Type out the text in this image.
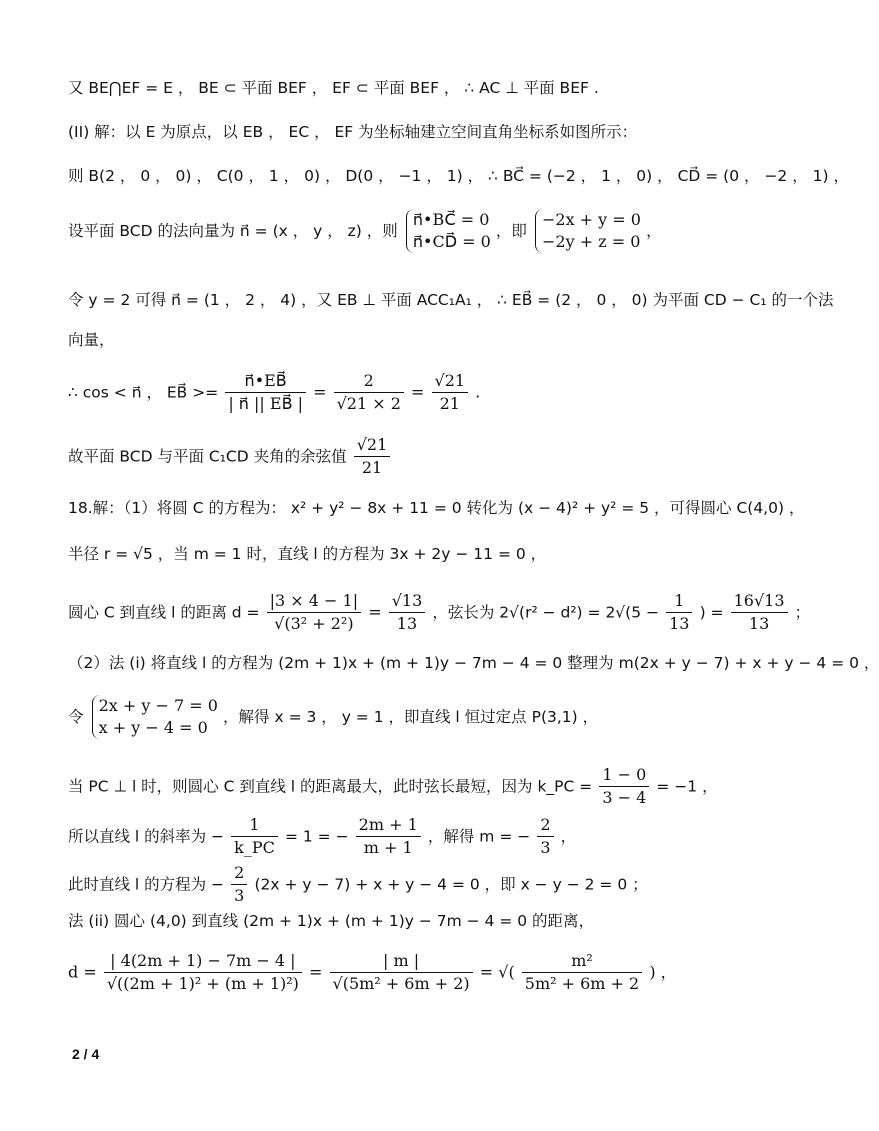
又 BE⋂EF = E ， BE ⊂ 平面 BEF ， EF ⊂ 平面 BEF ， ∴ AC ⊥ 平面 BEF .
(II) 解：以 E 为原点，以 EB ， EC ， EF 为坐标轴建立空间直角坐标系如图所示：
则 B(2 ， 0 ， 0) ， C(0 ， 1 ， 0) ， D(0 ， −1 ， 1) ， ∴ BC⃗ = (−2 ， 1 ， 0) ， CD⃗ = (0 ， −2 ， 1) ，
设平面 BCD 的法向量为 n⃗ = (x ， y ， z) ，则
n⃗•BC⃗ = 0
n⃗•CD⃗ = 0
，即
−2x + y = 0
−2y + z = 0
，
令 y = 2 可得 n⃗ = (1 ， 2 ， 4) ，又 EB ⊥ 平面 ACC₁A₁ ， ∴ EB⃗ = (2 ， 0 ， 0) 为平面 CD − C₁ 的一个法
向量，
∴ cos < n⃗ ， EB⃗ >= $\frac{n⃗•EB⃗}{| n⃗ || EB⃗ |} = \frac{2}{√21 \times 2} = \frac{√21}{21}$ .
故平面 BCD 与平面 C₁CD 夹角的余弦值 $\frac{√21}{21}$
18.解：（1）将圆 C 的方程为： x² + y² − 8x + 11 = 0 转化为 (x − 4)² + y² = 5 ，可得圆心 C(4,0) ，
半径 r = √5 ，当 m = 1 时，直线 l 的方程为 3x + 2y − 11 = 0 ，
圆心 C 到直线 l 的距离 $d = \frac{|3 \times 4 - 1|}{\text{√(3² + 2²)}} = \frac{√13}{13}$ ，弦长为 $2√(r^2 - d^2) = 2√(5 - \frac{1}{13}$ ) = $\frac{16√13}{13}$ ；
（2）法 (i) 将直线 l 的方程为 (2m + 1)x + (m + 1)y − 7m − 4 = 0 整理为 m(2x + y − 7) + x + y − 4 = 0 ，
令
2x + y − 7 = 0
x + y − 4 = 0
，解得 x = 3 ， y = 1 ，即直线 l 恒过定点 P(3,1) ，
当 PC ⊥ l 时，则圆心 C 到直线 l 的距离最大，此时弦长最短，因为 k_PC = $\frac{1 - 0}{3 - 4} = -1$ ，
所以直线 l 的斜率为 − $\frac{1}{k\_PC} = 1$ = − $\frac{2m + 1}{m + 1}$ ，解得 m = − $\frac{2}{3}$ ，
此时直线 l 的方程为 − $\frac{2}{3} (2x + y - 7) + x + y - 4 = 0$ ，即 x − y − 2 = 0 ；
法 (ii) 圆心 (4,0) 到直线 (2m + 1)x + (m + 1)y − 7m − 4 = 0 的距离，
$d = \frac{| 4(2m + 1) - 7m - 4 |}{\text{√((2m + 1)² + (m + 1)²)}} = \frac{| m |}{\text{√(5m² + 6m + 2)}}$ = √( $\frac{\text{m²}}{\text{5m² + 6m + 2}}$ ) ，
2 / 4
